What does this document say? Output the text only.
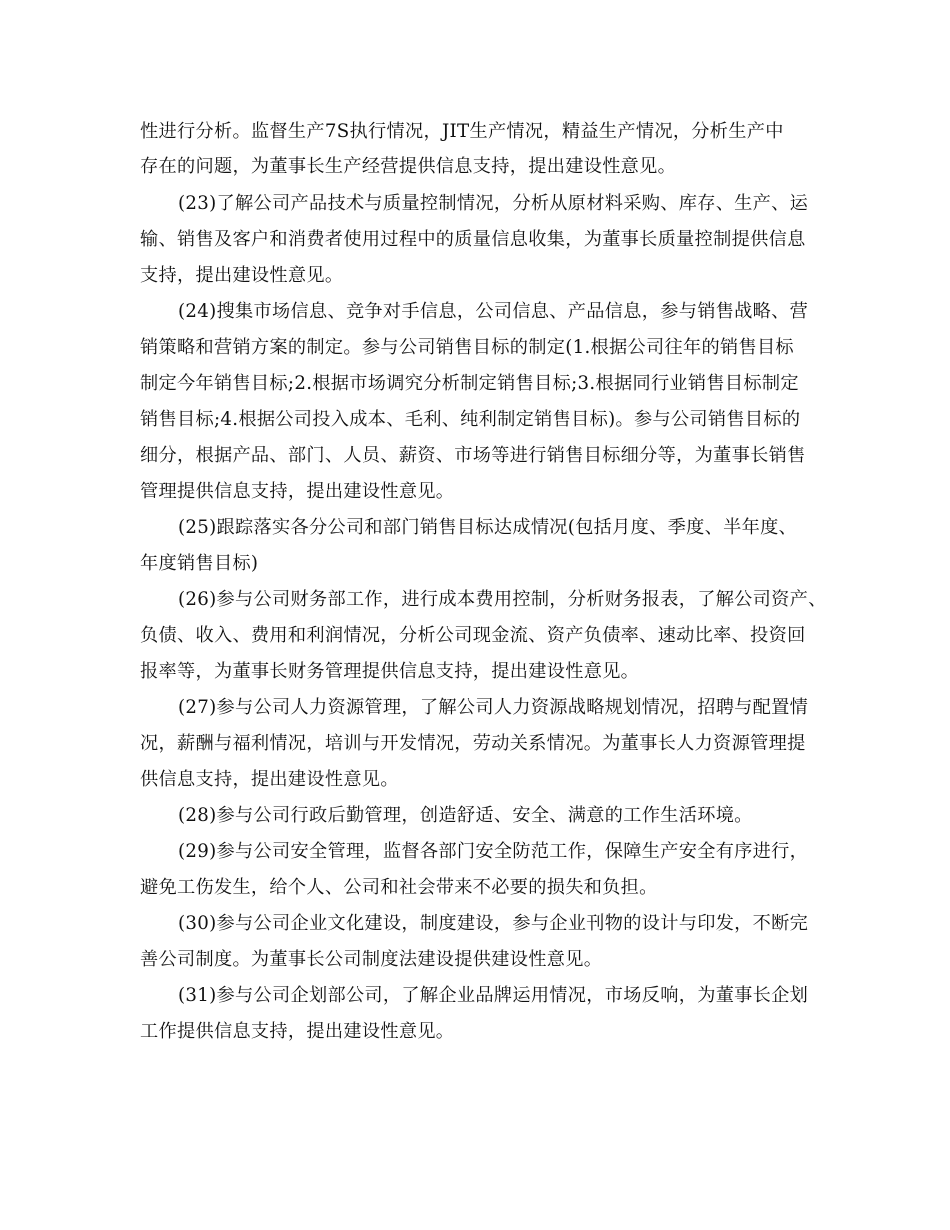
性进行分析。监督生产7S执行情况，JIT生产情况，精益生产情况，分析生产中
存在的问题，为董事长生产经营提供信息支持，提出建设性意见。
(23)了解公司产品技术与质量控制情况，分析从原材料采购、库存、生产、运
输、销售及客户和消费者使用过程中的质量信息收集，为董事长质量控制提供信息
支持，提出建设性意见。
(24)搜集市场信息、竞争对手信息，公司信息、产品信息，参与销售战略、营
销策略和营销方案的制定。参与公司销售目标的制定(1.根据公司往年的销售目标
制定今年销售目标;2.根据市场调究分析制定销售目标;3.根据同行业销售目标制定
销售目标;4.根据公司投入成本、毛利、纯利制定销售目标)。参与公司销售目标的
细分，根据产品、部门、人员、薪资、市场等进行销售目标细分等，为董事长销售
管理提供信息支持，提出建设性意见。
(25)跟踪落实各分公司和部门销售目标达成情况(包括月度、季度、半年度、
年度销售目标)
(26)参与公司财务部工作，进行成本费用控制，分析财务报表，了解公司资产、
负债、收入、费用和利润情况，分析公司现金流、资产负债率、速动比率、投资回
报率等，为董事长财务管理提供信息支持，提出建设性意见。
(27)参与公司人力资源管理，了解公司人力资源战略规划情况，招聘与配置情
况，薪酬与福利情况，培训与开发情况，劳动关系情况。为董事长人力资源管理提
供信息支持，提出建设性意见。
(28)参与公司行政后勤管理，创造舒适、安全、满意的工作生活环境。
(29)参与公司安全管理，监督各部门安全防范工作，保障生产安全有序进行，
避免工伤发生，给个人、公司和社会带来不必要的损失和负担。
(30)参与公司企业文化建设，制度建设，参与企业刊物的设计与印发，不断完
善公司制度。为董事长公司制度法建设提供建设性意见。
(31)参与公司企划部公司，了解企业品牌运用情况，市场反响，为董事长企划
工作提供信息支持，提出建设性意见。
